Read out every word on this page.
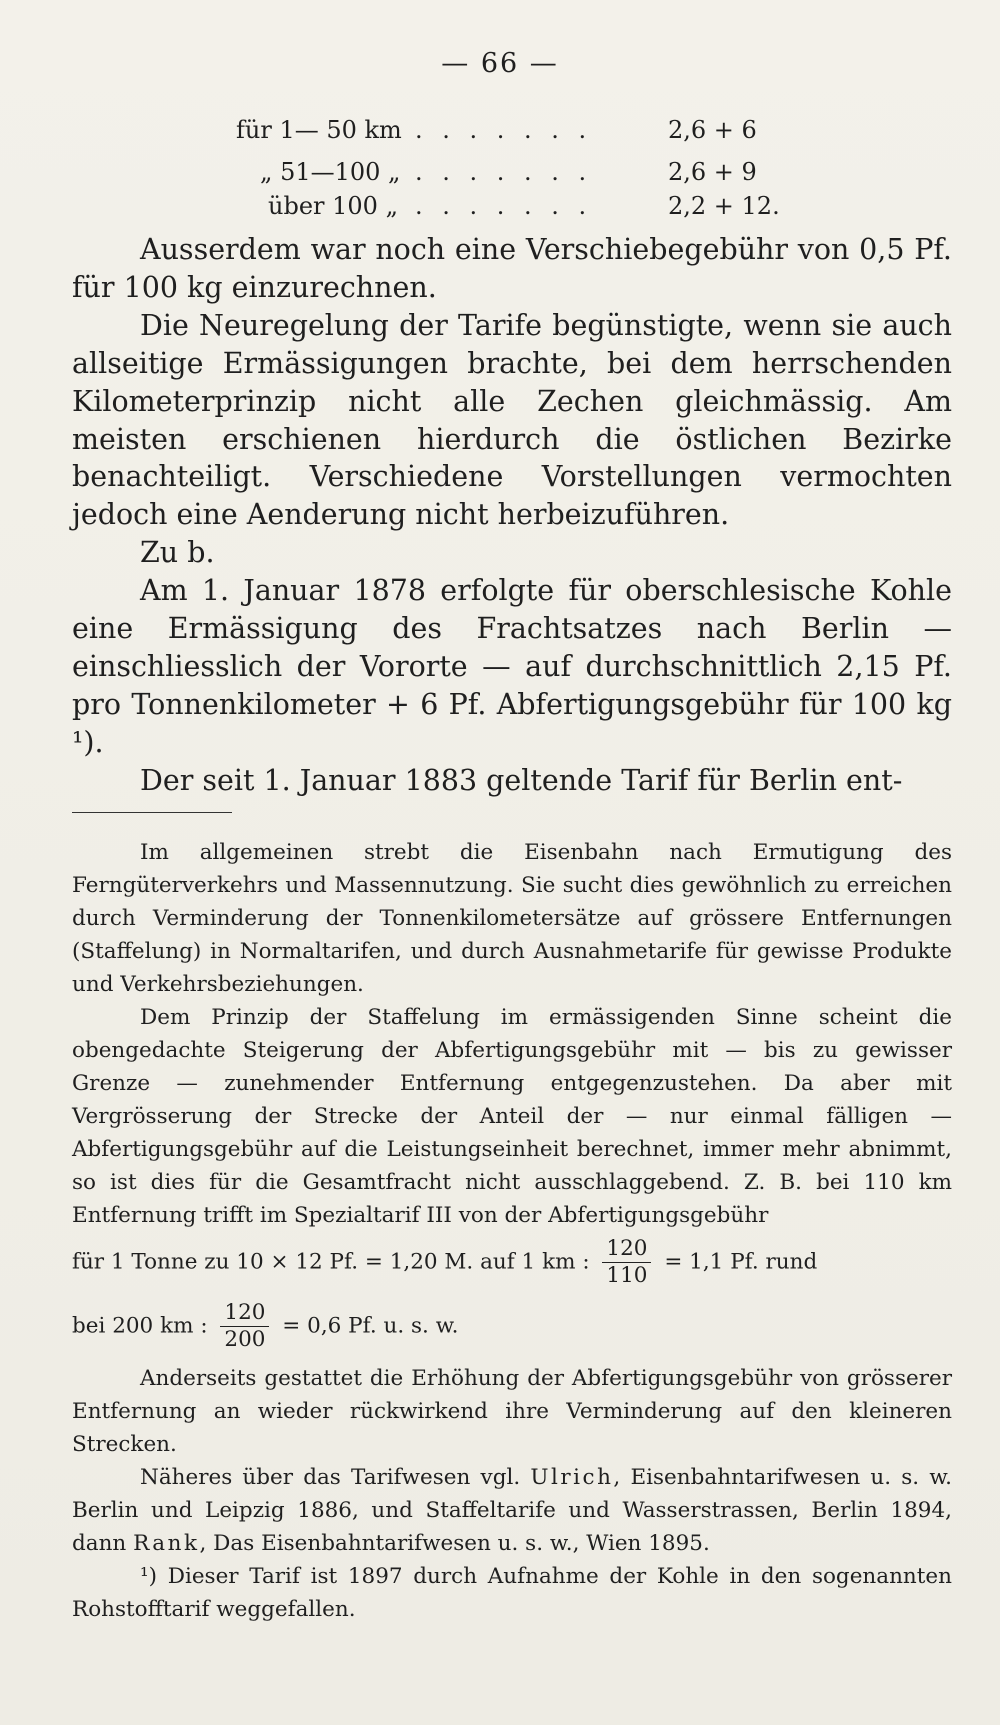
— 66 —
für 1— 50 km . . . . . . .	2,6 + 6
„ 51—100 „ . . . . . . .	2,6 + 9
über 100 „ . . . . . . .	2,2 + 12.

Ausserdem war noch eine Verschiebegebühr von 0,5 Pf. für 100 kg einzurechnen.

Die Neuregelung der Tarife begünstigte, wenn sie auch allseitige Ermässigungen brachte, bei dem herrschenden Kilometerprinzip nicht alle Zechen gleichmässig. Am meisten erschienen hierdurch die östlichen Bezirke benachteiligt. Verschiedene Vorstellungen vermochten jedoch eine Aenderung nicht herbeizuführen.

Zu b.

Am 1. Januar 1878 erfolgte für oberschlesische Kohle eine Ermässigung des Frachtsatzes nach Berlin — einschliesslich der Vororte — auf durchschnittlich 2,15 Pf. pro Tonnenkilometer + 6 Pf. Abfertigungsgebühr für 100 kg ¹).

Der seit 1. Januar 1883 geltende Tarif für Berlin ent-

Im allgemeinen strebt die Eisenbahn nach Ermutigung des Ferngüterverkehrs und Massennutzung. Sie sucht dies gewöhnlich zu erreichen durch Verminderung der Tonnenkilometersätze auf grössere Entfernungen (Staffelung) in Normaltarifen, und durch Ausnahmetarife für gewisse Produkte und Verkehrsbeziehungen.

Dem Prinzip der Staffelung im ermässigenden Sinne scheint die obengedachte Steigerung der Abfertigungsgebühr mit — bis zu gewisser Grenze — zunehmender Entfernung entgegenzustehen. Da aber mit Vergrösserung der Strecke der Anteil der — nur einmal fälligen — Abfertigungsgebühr auf die Leistungseinheit berechnet, immer mehr abnimmt, so ist dies für die Gesamtfracht nicht ausschlaggebend. Z. B. bei 110 km Entfernung trifft im Spezialtarif III von der Abfertigungsgebühr

für 1 Tonne zu 10 × 12 Pf. = 1,20 M. auf 1 km : $\frac{120}{110} = 1,1$ Pf. rund
bei 200 km : $\frac{120}{200} = 0,6$ Pf. u. s. w.

Anderseits gestattet die Erhöhung der Abfertigungsgebühr von grösserer Entfernung an wieder rückwirkend ihre Verminderung auf den kleineren Strecken.

Näheres über das Tarifwesen vgl. Ulrich, Eisenbahntarifwesen u. s. w. Berlin und Leipzig 1886, und Staffeltarife und Wasserstrassen, Berlin 1894, dann Rank, Das Eisenbahntarifwesen u. s. w., Wien 1895.

¹) Dieser Tarif ist 1897 durch Aufnahme der Kohle in den sogenannten Rohstofftarif weggefallen.
